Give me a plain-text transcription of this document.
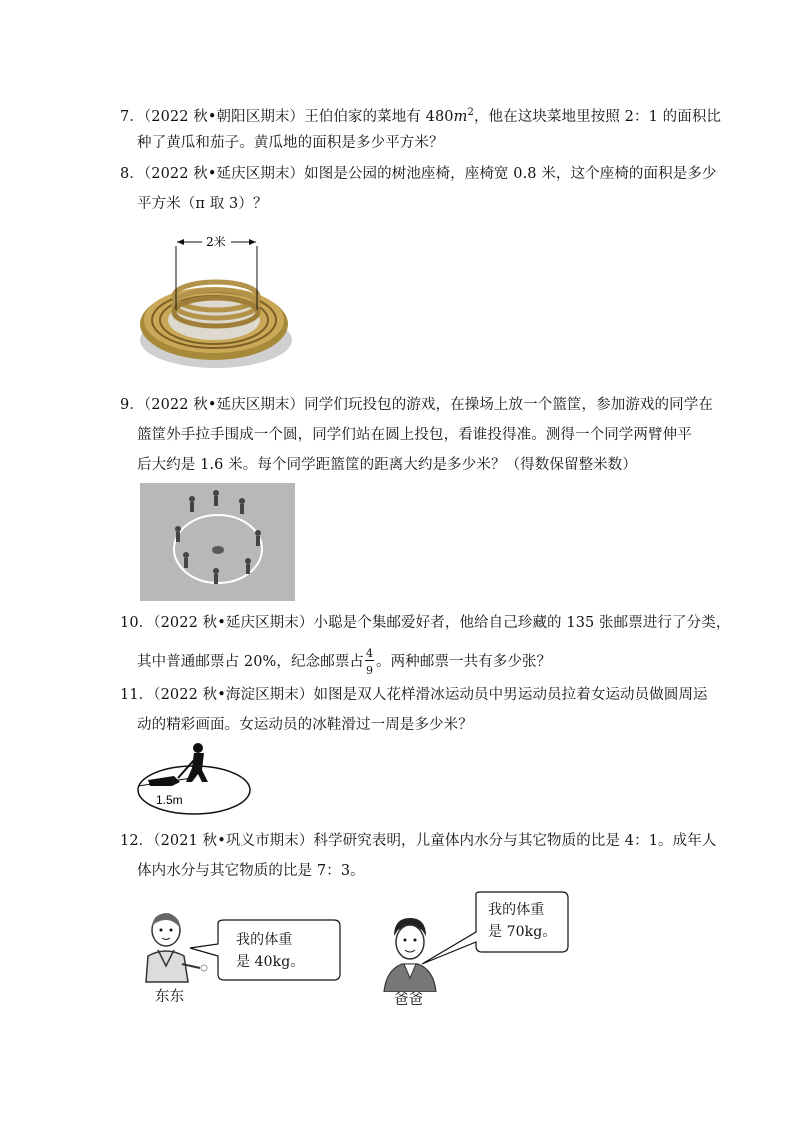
7．（2022 秋•朝阳区期末）王伯伯家的菜地有 $480m^2$，他在这块菜地里按照 2：1 的面积比
种了黄瓜和茄子。黄瓜地的面积是多少平方米？
8．（2022 秋•延庆区期末）如图是公园的树池座椅，座椅宽 0.8 米，这个座椅的面积是多少
平方米（π 取 3）？
2米
9．（2022 秋•延庆区期末）同学们玩投包的游戏，在操场上放一个篮筐，参加游戏的同学在
篮筐外手拉手围成一个圆，同学们站在圆上投包，看谁投得准。测得一个同学两臂伸平
后大约是 1.6 米。每个同学距篮筐的距离大约是多少米？（得数保留整米数）
10．（2022 秋•延庆区期末）小聪是个集邮爱好者，他给自己珍藏的 135 张邮票进行了分类，
其中普通邮票占 20%，纪念邮票占 $\frac{4}{9}$ 。两种邮票一共有多少张？
11．（2022 秋•海淀区期末）如图是双人花样滑冰运动员中男运动员拉着女运动员做圆周运
动的精彩画面。女运动员的冰鞋滑过一周是多少米？
1.5m
12．（2021 秋•巩义市期末）科学研究表明，儿童体内水分与其它物质的比是 4：1。成年人
体内水分与其它物质的比是 7：3。
东东
我的体重
是 40kg。
爸爸
我的体重
是 70kg。
